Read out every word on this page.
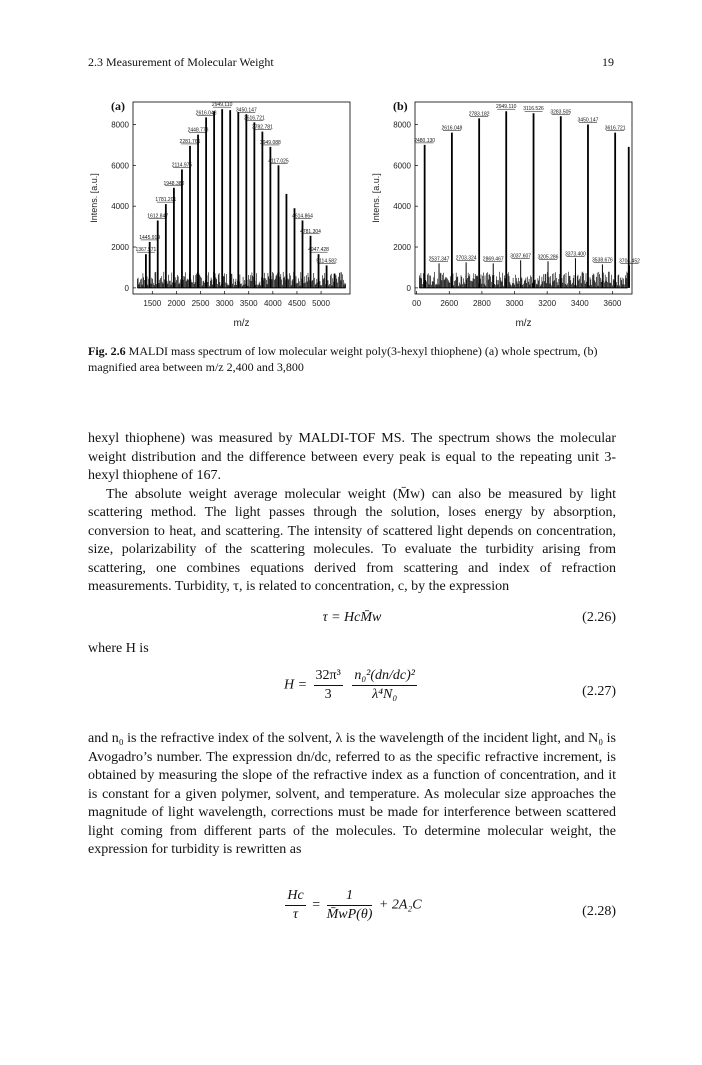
2.3 Measurement of Molecular Weight	19
(a)
0
2000
4000
6000
8000
1500 2000 2500 3000 3500 4000 4500 5000
m/z
Intens. [a.u.]
1367.571
1445.919
1612.847
1781.201
1948.380
2114.975
2281.761
2448.778
2616.048
2949.110
3450.147
3616.721
3782.781
3949.088
4117.025
4614.864
4781.304
4947.428
5114.582
(b)
0
2000
4000
6000
8000
00 2600 2800 3000 3200 3400 3600
m/z
Intens. [a.u.]
2480.130
2616.048
2783.182
2949.110 3116.526
3283.505
3450.147
3616.721
2537.347 2703.324 2869.467
3037.607 3205.286
3373.400
3538.676 3704.452
Fig. 2.6 MALDI mass spectrum of low molecular weight poly(3-hexyl thiophene) (a) whole spectrum, (b) magnified area between m/z 2,400 and 3,800

hexyl thiophene) was measured by MALDI-TOF MS. The spectrum shows the molecular weight distribution and the difference between every peak is equal to the repeating unit 3-hexyl thiophene of 167.

The absolute weight average molecular weight (M̄w) can also be measured by light scattering method. The light passes through the solution, loses energy by absorption, conversion to heat, and scattering. The intensity of scattered light depends on concentration, size, polarizability of the scattering molecules. To evaluate the turbidity arising from scattering, one combines equations derived from scattering and index of refraction measurements. Turbidity, τ, is related to concentration, c, by the expression

τ = HcM̄w	(2.26)

where H is

$H = \frac{\text{32π³}}{3}$
$\frac{\text{n₀²(dn/dc)²}}{\text{λ⁴N₀}}$	(2.27)

and n₀ is the refractive index of the solvent, λ is the wavelength of the incident light, and N₀ is Avogadro’s number. The expression dn/dc, referred to as the specific refractive increment, is obtained by measuring the slope of the refractive index as a function of concentration, and it is constant for a given polymer, solvent, and temperature. As molecular size approaches the magnitude of light wavelength, corrections must be made for interference between scattered light coming from different parts of the molecules. To determine molecular weight, the expression for turbidity is rewritten as

$\frac{Hc}{\tau} = \frac{1}{M̄wP(\theta)} + 2A_2C$	(2.28)
